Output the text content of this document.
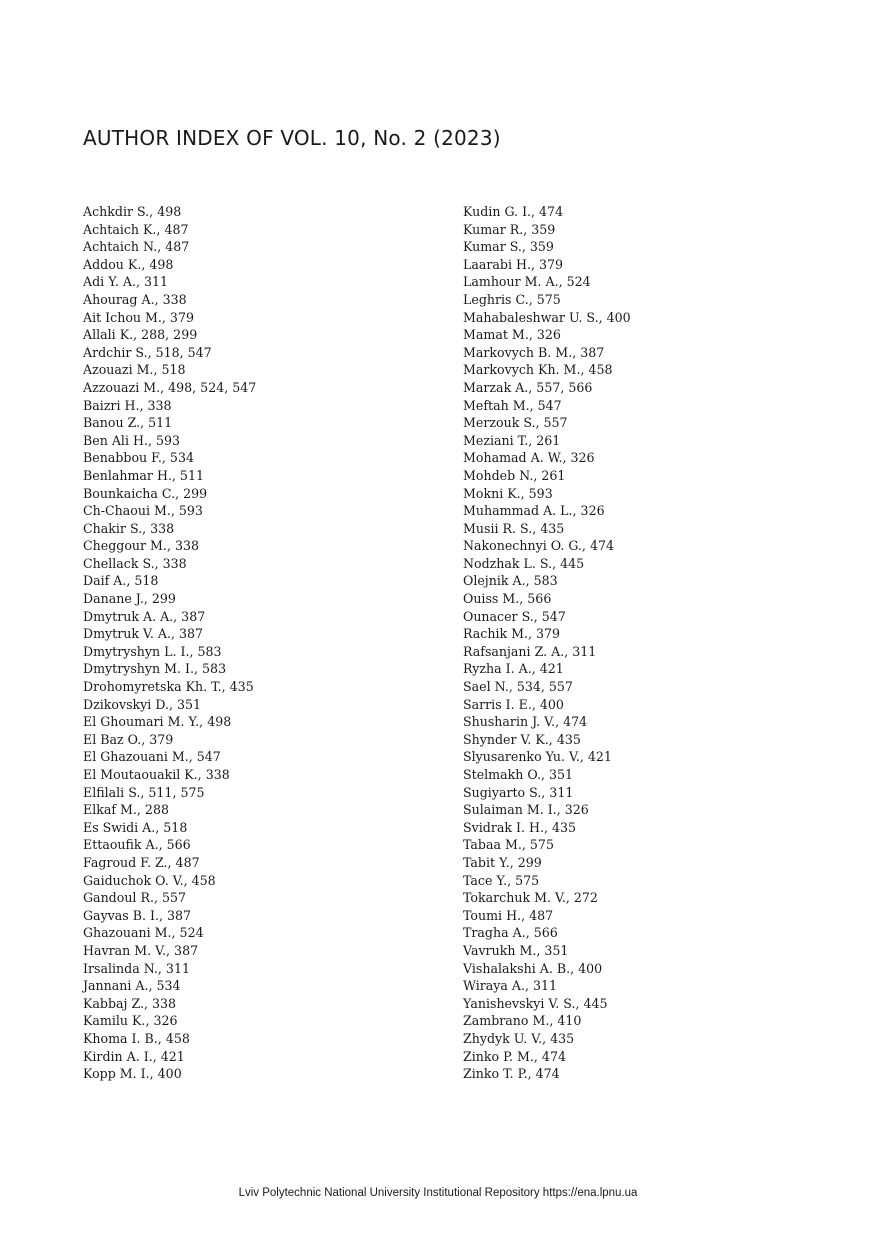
AUTHOR INDEX OF VOL. 10, No. 2 (2023)
Achkdir S., 498
Achtaich K., 487
Achtaich N., 487
Addou K., 498
Adi Y. A., 311
Ahourag A., 338
Ait Ichou M., 379
Allali K., 288, 299
Ardchir S., 518, 547
Azouazi M., 518
Azzouazi M., 498, 524, 547
Baizri H., 338
Banou Z., 511
Ben Ali H., 593
Benabbou F., 534
Benlahmar H., 511
Bounkaicha C., 299
Ch-Chaoui M., 593
Chakir S., 338
Cheggour M., 338
Chellack S., 338
Daif A., 518
Danane J., 299
Dmytruk A. A., 387
Dmytruk V. A., 387
Dmytryshyn L. I., 583
Dmytryshyn M. I., 583
Drohomyretska Kh. T., 435
Dzikovskyi D., 351
El Ghoumari M. Y., 498
El Baz O., 379
El Ghazouani M., 547
El Moutaouakil K., 338
Elfilali S., 511, 575
Elkaf M., 288
Es Swidi A., 518
Ettaoufik A., 566
Fagroud F. Z., 487
Gaiduchok O. V., 458
Gandoul R., 557
Gayvas B. I., 387
Ghazouani M., 524
Havran M. V., 387
Irsalinda N., 311
Jannani A., 534
Kabbaj Z., 338
Kamilu K., 326
Khoma I. B., 458
Kirdin A. I., 421
Kopp M. I., 400
Kudin G. I., 474
Kumar R., 359
Kumar S., 359
Laarabi H., 379
Lamhour M. A., 524
Leghris C., 575
Mahabaleshwar U. S., 400
Mamat M., 326
Markovych B. M., 387
Markovych Kh. M., 458
Marzak A., 557, 566
Meftah M., 547
Merzouk S., 557
Meziani T., 261
Mohamad A. W., 326
Mohdeb N., 261
Mokni K., 593
Muhammad A. L., 326
Musii R. S., 435
Nakonechnyi O. G., 474
Nodzhak L. S., 445
Olejnik A., 583
Ouiss M., 566
Ounacer S., 547
Rachik M., 379
Rafsanjani Z. A., 311
Ryzha I. A., 421
Sael N., 534, 557
Sarris I. E., 400
Shusharin J. V., 474
Shynder V. K., 435
Slyusarenko Yu. V., 421
Stelmakh O., 351
Sugiyarto S., 311
Sulaiman M. I., 326
Svidrak I. H., 435
Tabaa M., 575
Tabit Y., 299
Tace Y., 575
Tokarchuk M. V., 272
Toumi H., 487
Tragha A., 566
Vavrukh M., 351
Vishalakshi A. B., 400
Wiraya A., 311
Yanishevskyi V. S., 445
Zambrano M., 410
Zhydyk U. V., 435
Zinko P. M., 474
Zinko T. P., 474
Lviv Polytechnic National University Institutional Repository https://ena.lpnu.ua
